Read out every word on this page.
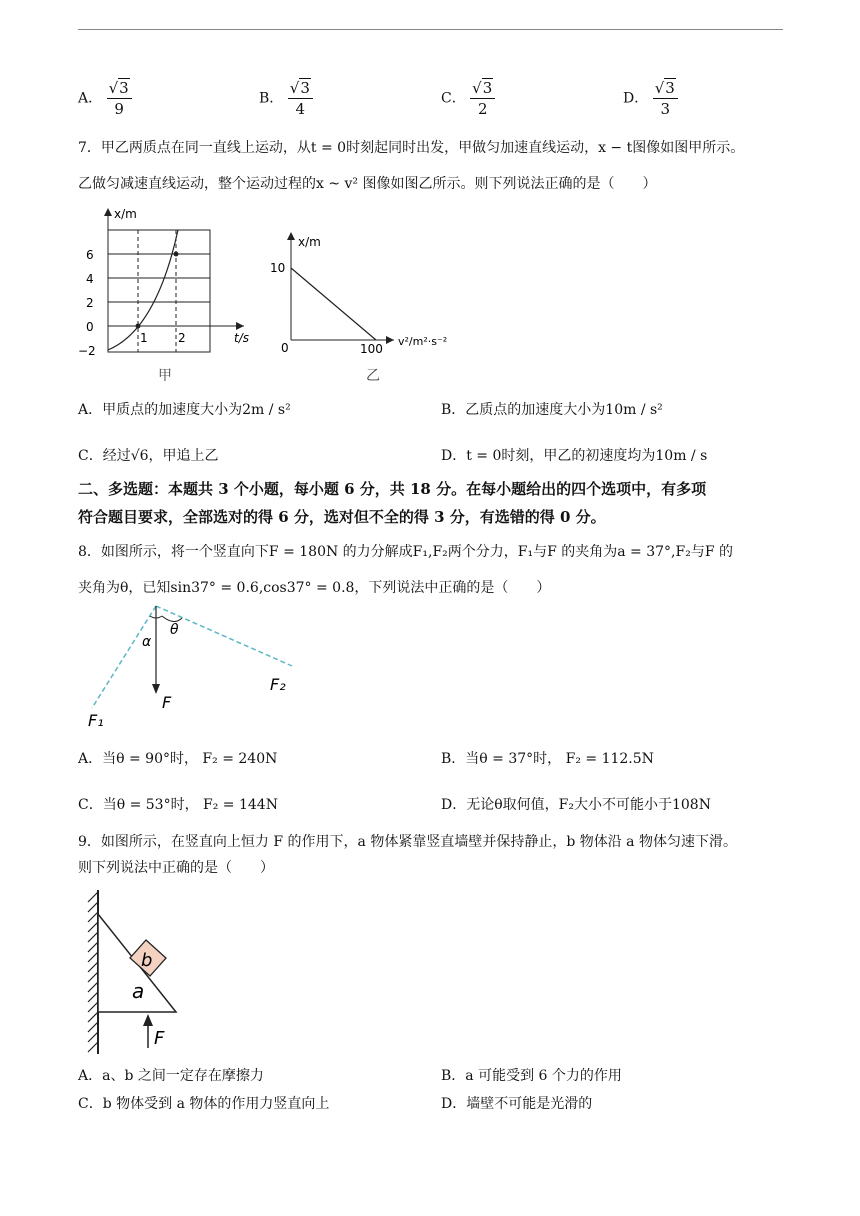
A． $\frac{√3}{9}$	B． $\frac{√3}{4}$	C． $\frac{√3}{2}$	D． $\frac{√3}{3}$
7．甲乙两质点在同一直线上运动，从t = 0时刻起同时出发，甲做匀加速直线运动，x − t图像如图甲所示。
乙做匀减速直线运动，整个运动过程的x ~ v² 图像如图乙所示。则下列说法正确的是（　　）
x/m
t/s
6
4
2
0
−2
1	2
甲
x/m
10
0	100
v²/m²·s⁻²
乙
A．甲质点的加速度大小为2m / s²	B．乙质点的加速度大小为10m / s²
C．经过√6，甲追上乙	D．t = 0时刻，甲乙的初速度均为10m / s
二、多选题：本题共 3 个小题，每小题 6 分，共 18 分。在每小题给出的四个选项中，有多项
符合题目要求，全部选对的得 6 分，选对但不全的得 3 分，有选错的得 0 分。
8．如图所示，将一个竖直向下F = 180N 的力分解成F₁,F₂两个分力，F₁与F 的夹角为a = 37°,F₂与F 的
夹角为θ，已知sin37° = 0.6,cos37° = 0.8，下列说法中正确的是（　　）
α
θ
F
F₁
F₂
A．当θ = 90°时， F₂ = 240N	B．当θ = 37°时， F₂ = 112.5N
C．当θ = 53°时， F₂ = 144N	D．无论θ取何值，F₂大小不可能小于108N
9．如图所示，在竖直向上恒力 F 的作用下，a 物体紧靠竖直墙壁并保持静止，b 物体沿 a 物体匀速下滑。
则下列说法中正确的是（　　）
b
a
F
A．a、b 之间一定存在摩擦力	B．a 可能受到 6 个力的作用
C．b 物体受到 a 物体的作用力竖直向上	D．墙壁不可能是光滑的
